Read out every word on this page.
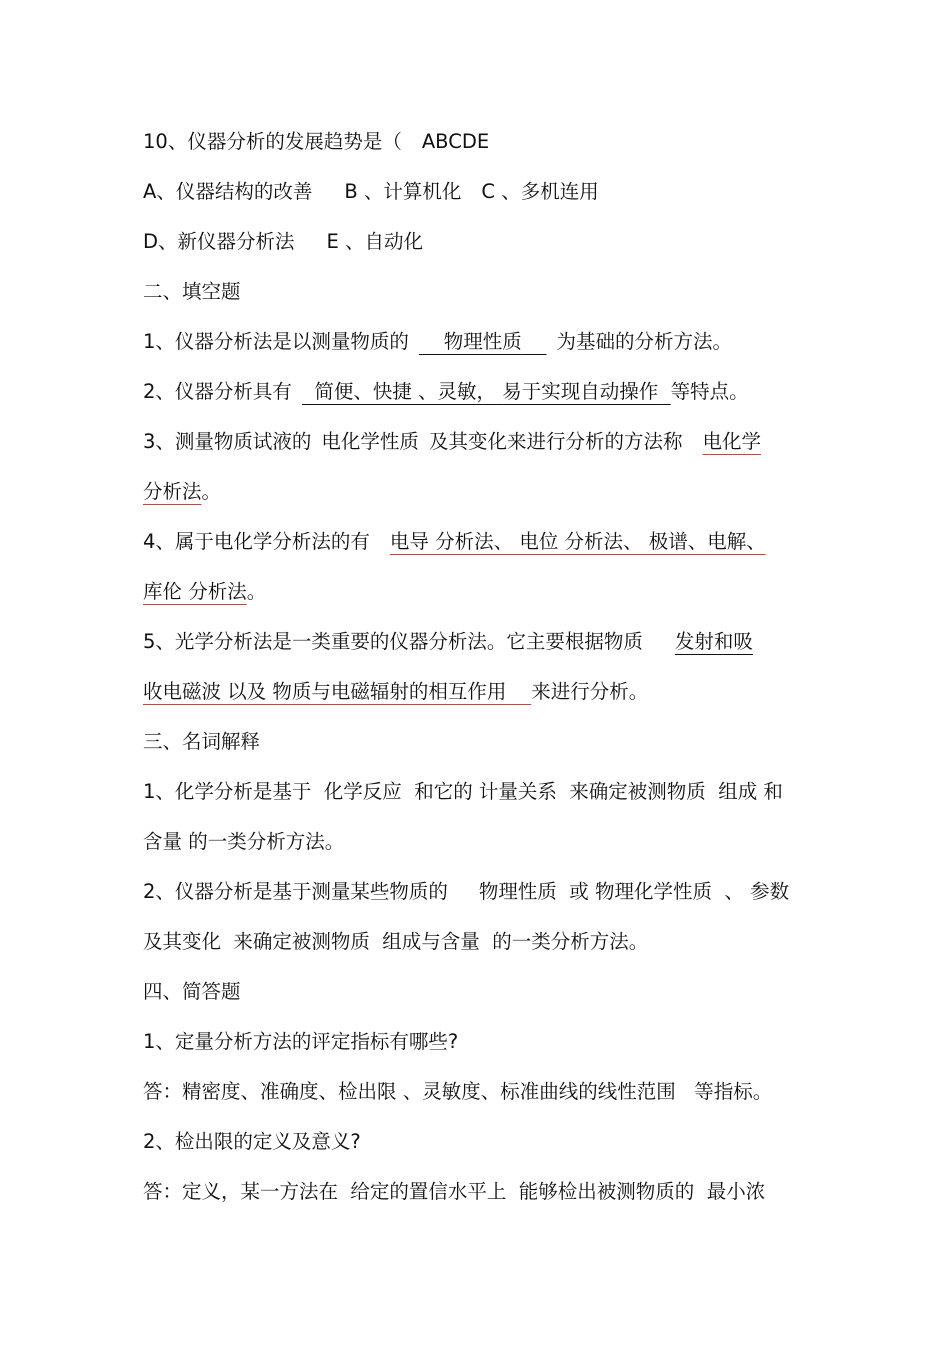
10、仪器分析的发展趋势是（ ABCDE
A、仪器结构的改善 B 、计算机化 C 、多机连用
D、新仪器分析法 E 、自动化
二、填空题
1、仪器分析法是以测量物质的 物理性质 为基础的分析方法。
2、仪器分析具有 简便、快捷 、灵敏， 易于实现自动操作 等特点。
3、测量物质试液的 电化学性质 及其变化来进行分析的方法称 电化学
分析法。
4、属于电化学分析法的有 电导 分析法、 电位 分析法、 极谱、电解、
库伦 分析法。
5、光学分析法是一类重要的仪器分析法。它主要根据物质 发射和吸
收电磁波 以及 物质与电磁辐射的相互作用 来进行分析。
三、名词解释
1、化学分析是基于  化学反应  和它的 计量关系  来确定被测物质  组成 和
含量 的一类分析方法。
2、仪器分析是基于测量某些物质的     物理性质  或 物理化学性质  、 参数
及其变化  来确定被测物质  组成与含量  的一类分析方法。
四、简答题
1、定量分析方法的评定指标有哪些?
答：精密度、准确度、检出限 、灵敏度、标准曲线的线性范围   等指标。
2、检出限的定义及意义?
答：定义，某一方法在  给定的置信水平上  能够检出被测物质的  最小浓
